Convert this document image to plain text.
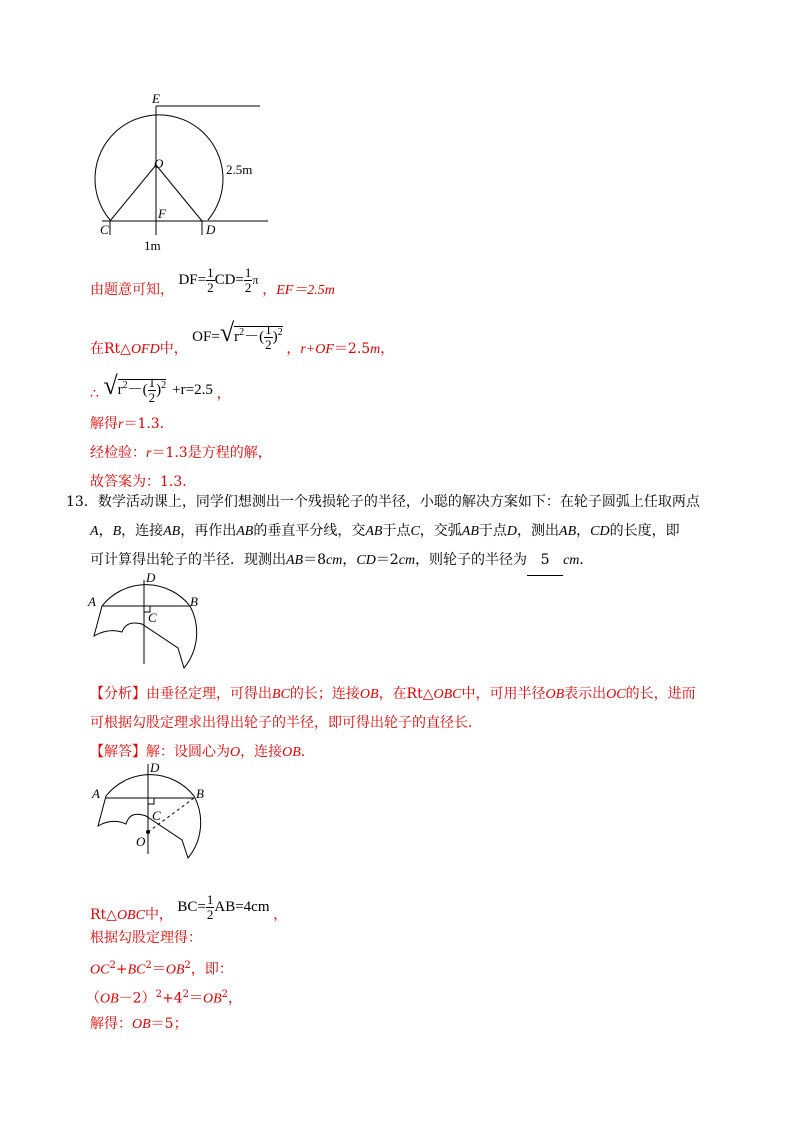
E
O
F
C	D
2.5m
1m
由题意可知， $DF= \frac{1}{2} CD= \frac{1}{2}$ π ，EF＝2.5m
在Rt△OFD中， $OF=√r^2-( \frac{1}{2} )^2$ ，r+OF＝2.5m，
∴ $√r^2-( \frac{1}{2} )^2 +r=2.5$ ，
解得r＝1.3．
经检验：r＝1.3是方程的解，
故答案为：1.3．
13．数学活动课上，同学们想测出一个残损轮子的半径，小聪的解决方案如下：在轮子圆弧上任取两点
A，B，连接AB，再作出AB的垂直平分线，交AB于点C，交弧AB于点D，测出AB，CD的长度，即
可计算得出轮子的半径．现测出AB＝8cm，CD＝2cm，则轮子的半径为 5 cm．
D
A	B
C
【分析】由垂径定理，可得出BC的长；连接OB，在Rt△OBC中，可用半径OB表示出OC的长，进而
可根据勾股定理求出得出轮子的半径，即可得出轮子的直径长．
【解答】解：设圆心为O，连接OB．
D
A	B
C
O
Rt△OBC中， $BC= \frac{1}{2} AB=4cm$ ，
根据勾股定理得：
$OC^2+BC^2=OB^2$，即：
$(OB-2)^2+4^2=OB^2$，
解得：OB＝5；
